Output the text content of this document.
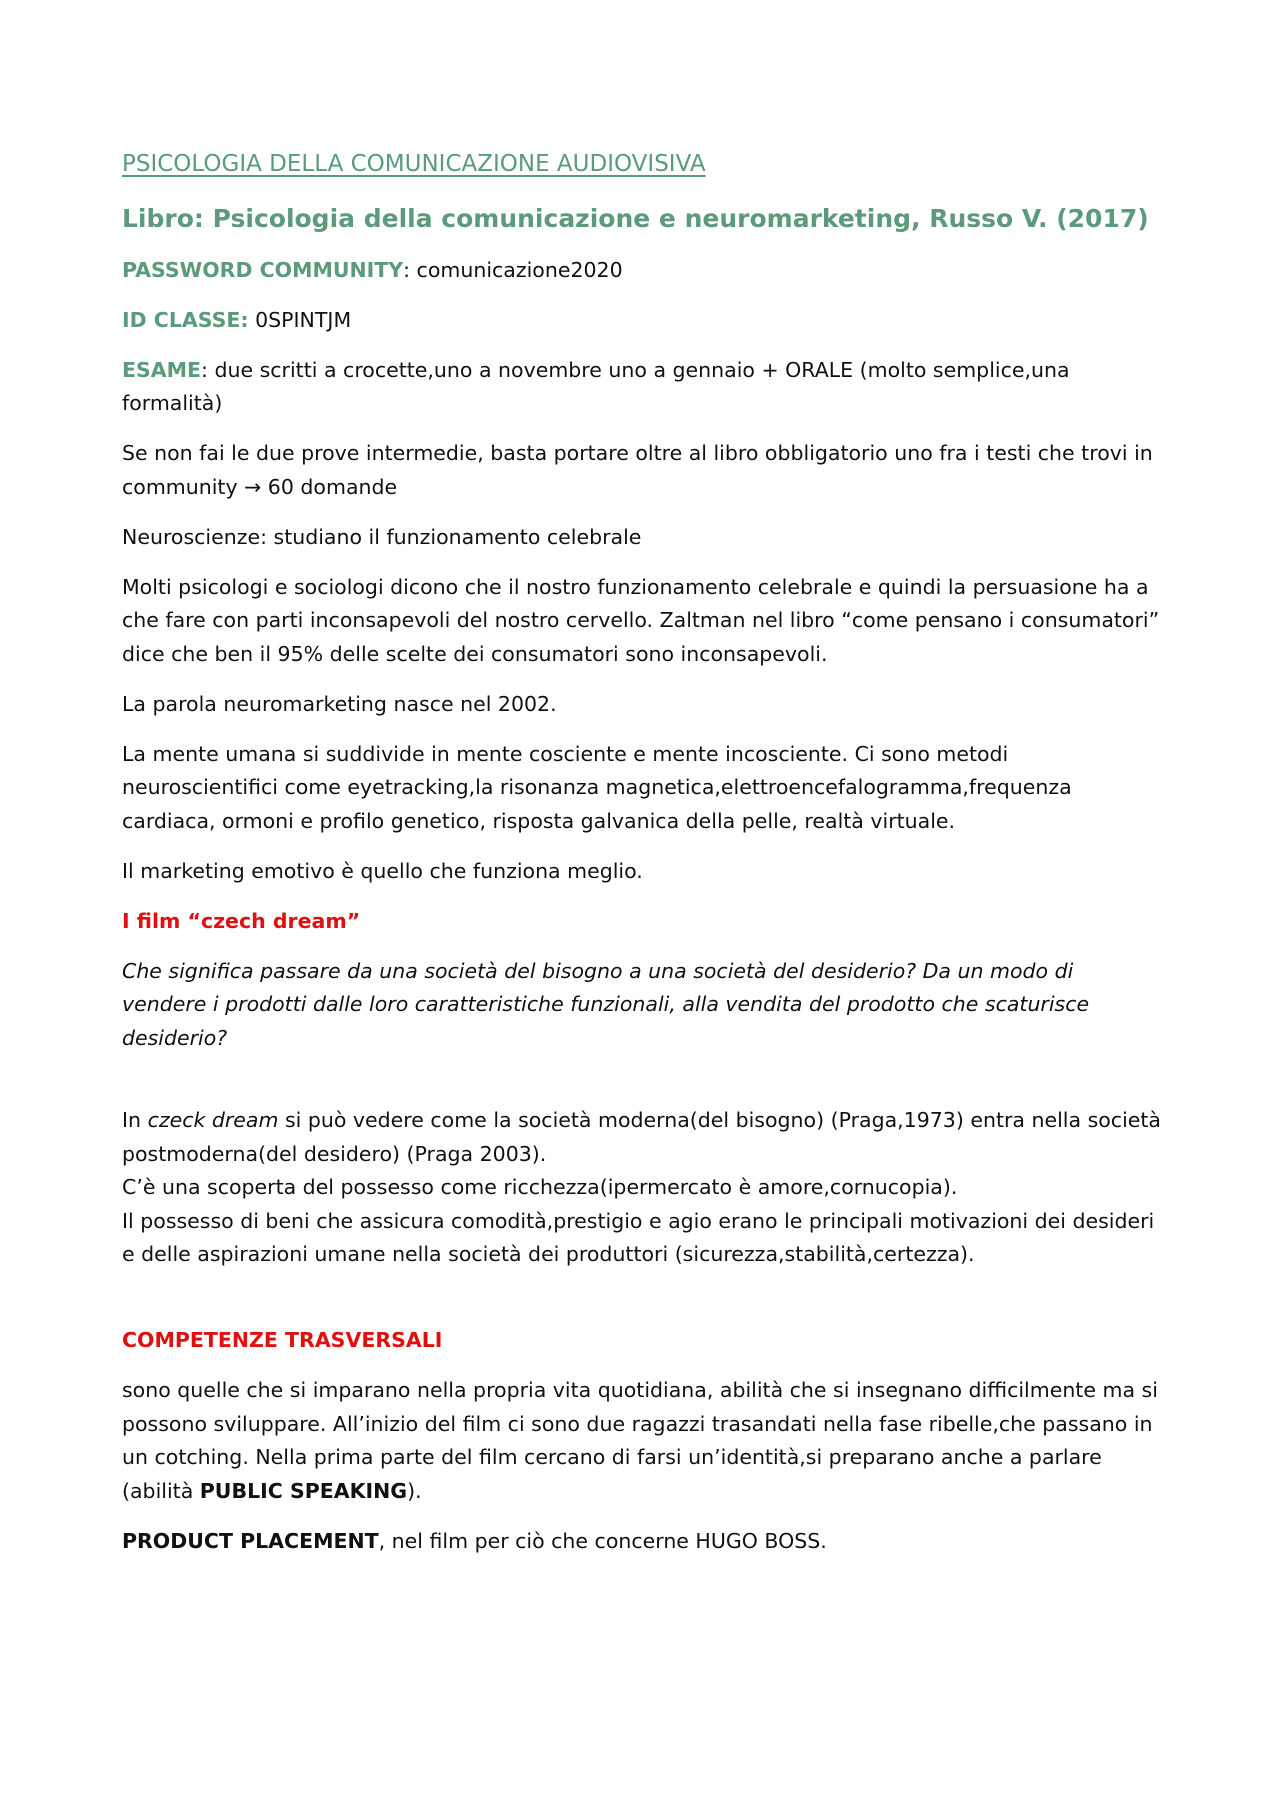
PSICOLOGIA DELLA COMUNICAZIONE AUDIOVISIVA

Libro: Psicologia della comunicazione e neuromarketing, Russo V. (2017)

PASSWORD COMMUNITY: comunicazione2020

ID CLASSE: 0SPINTJM

ESAME: due scritti a crocette,uno a novembre uno a gennaio + ORALE (molto semplice,una formalità)

Se non fai le due prove intermedie, basta portare oltre al libro obbligatorio uno fra i testi che trovi in community → 60 domande

Neuroscienze: studiano il funzionamento celebrale

Molti psicologi e sociologi dicono che il nostro funzionamento celebrale e quindi la persuasione ha a che fare con parti inconsapevoli del nostro cervello. Zaltman nel libro “come pensano i consumatori” dice che ben il 95% delle scelte dei consumatori sono inconsapevoli.

La parola neuromarketing nasce nel 2002.

La mente umana si suddivide in mente cosciente e mente incosciente. Ci sono metodi neuroscientifici come eyetracking,la risonanza magnetica,elettroencefalogramma,frequenza cardiaca, ormoni e profilo genetico, risposta galvanica della pelle, realtà virtuale.

Il marketing emotivo è quello che funziona meglio.

I film “czech dream”

Che significa passare da una società del bisogno a una società del desiderio? Da un modo di vendere i prodotti dalle loro caratteristiche funzionali, alla vendita del prodotto che scaturisce desiderio?

In czeck dream si può vedere come la società moderna(del bisogno) (Praga,1973) entra nella società postmoderna(del desidero) (Praga 2003).
C’è una scoperta del possesso come ricchezza(ipermercato è amore,cornucopia).
Il possesso di beni che assicura comodità,prestigio e agio erano le principali motivazioni dei desideri e delle aspirazioni umane nella società dei produttori (sicurezza,stabilità,certezza).

COMPETENZE TRASVERSALI

sono quelle che si imparano nella propria vita quotidiana, abilità che si insegnano difficilmente ma si possono sviluppare. All’inizio del film ci sono due ragazzi trasandati nella fase ribelle,che passano in un cotching. Nella prima parte del film cercano di farsi un’identità,si preparano anche a parlare (abilità PUBLIC SPEAKING).

PRODUCT PLACEMENT, nel film per ciò che concerne HUGO BOSS.
